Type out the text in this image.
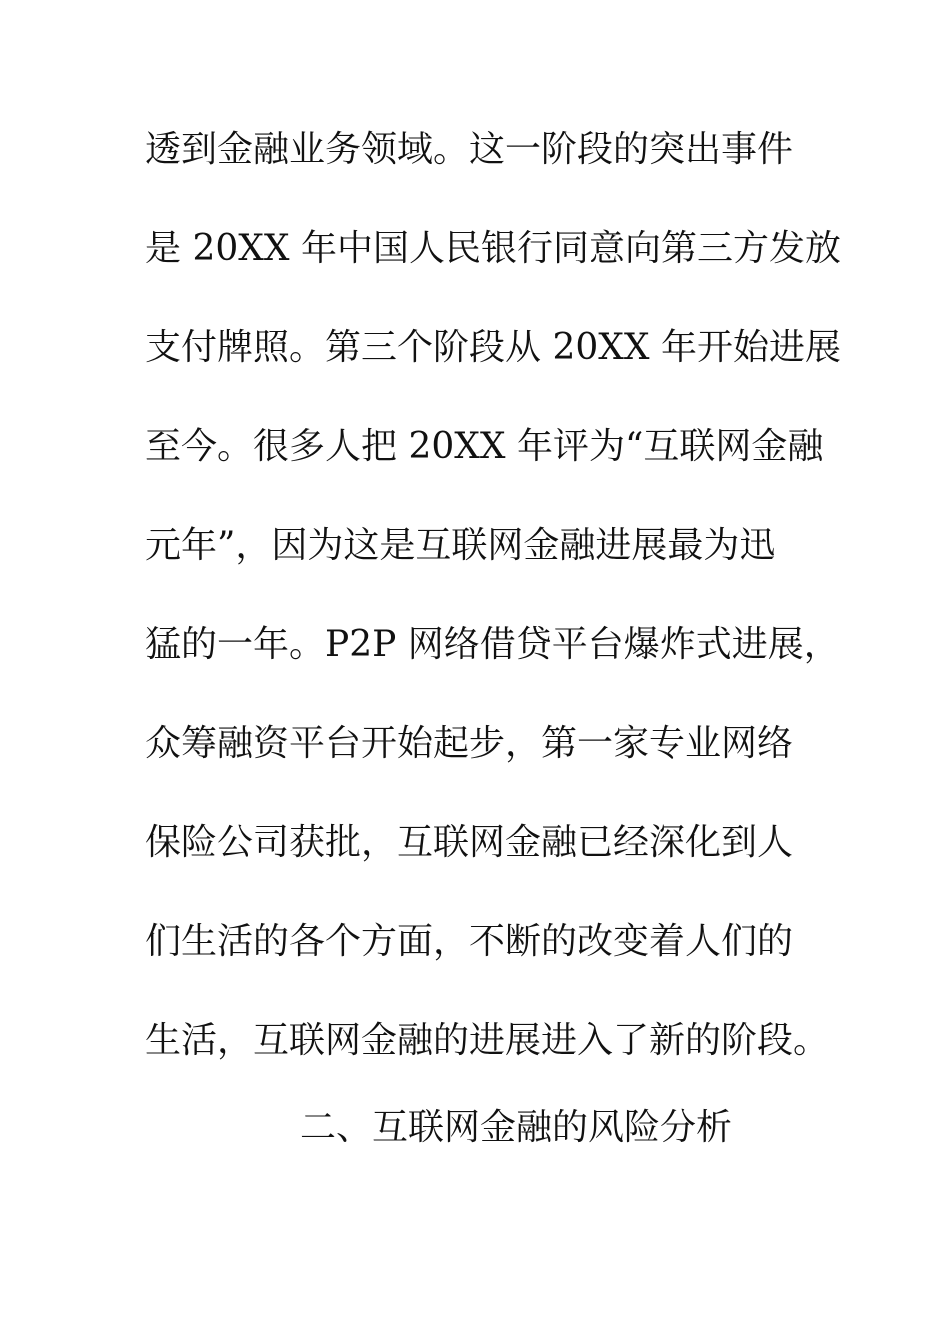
透到金融业务领域。这一阶段的突出事件
是 20XX 年中国人民银行同意向第三方发放
支付牌照。第三个阶段从 20XX 年开始进展
至今。很多人把 20XX 年评为“互联网金融
元年”，因为这是互联网金融进展最为迅
猛的一年。P2P 网络借贷平台爆炸式进展，
众筹融资平台开始起步，第一家专业网络
保险公司获批，互联网金融已经深化到人
们生活的各个方面，不断的改变着人们的
生活，互联网金融的进展进入了新的阶段。
二、互联网金融的风险分析
